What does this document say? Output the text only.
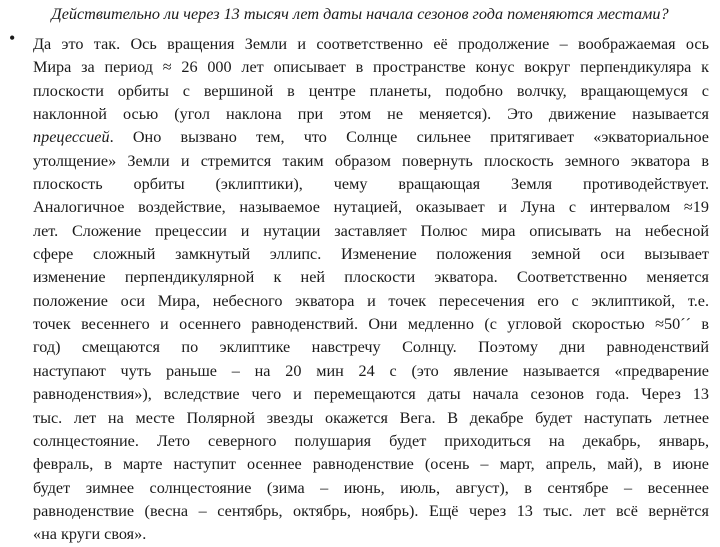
Действительно ли через 13 тысяч лет даты начала сезонов года поменяются местами?
• Да это так. Ось вращения Земли и соответственно её продолжение – воображаемая ось
Мира за период ≈ 26 000 лет описывает в пространстве конус вокруг перпендикуляра к
плоскости орбиты с вершиной в центре планеты, подобно волчку, вращающемуся с
наклонной осью (угол наклона при этом не меняется). Это движение называется
прецессией. Оно вызвано тем, что Солнце сильнее притягивает «экваториальное
утолщение» Земли и стремится таким образом повернуть плоскость земного экватора в
плоскость орбиты (эклиптики), чему вращающая Земля противодействует.
Аналогичное воздействие, называемое нутацией, оказывает и Луна с интервалом ≈19
лет. Сложение прецессии и нутации заставляет Полюс мира описывать на небесной
сфере сложный замкнутый эллипс. Изменение положения земной оси вызывает
изменение перпендикулярной к ней плоскости экватора. Соответственно меняется
положение оси Мира, небесного экватора и точек пересечения его с эклиптикой, т.е.
точек весеннего и осеннего равноденствий. Они медленно (с угловой скоростью ≈50´´ в
год) смещаются по эклиптике навстречу Солнцу. Поэтому дни равноденствий
наступают чуть раньше – на 20 мин 24 с (это явление называется «предварение
равноденствия»), вследствие чего и перемещаются даты начала сезонов года. Через 13
тыс. лет на месте Полярной звезды окажется Вега. В декабре будет наступать летнее
солнцестояние. Лето северного полушария будет приходиться на декабрь, январь,
февраль, в марте наступит осеннее равноденствие (осень – март, апрель, май), в июне
будет зимнее солнцестояние (зима – июнь, июль, август), в сентябре – весеннее
равноденствие (весна – сентябрь, октябрь, ноябрь). Ещё через 13 тыс. лет всё вернётся
«на круги своя».
